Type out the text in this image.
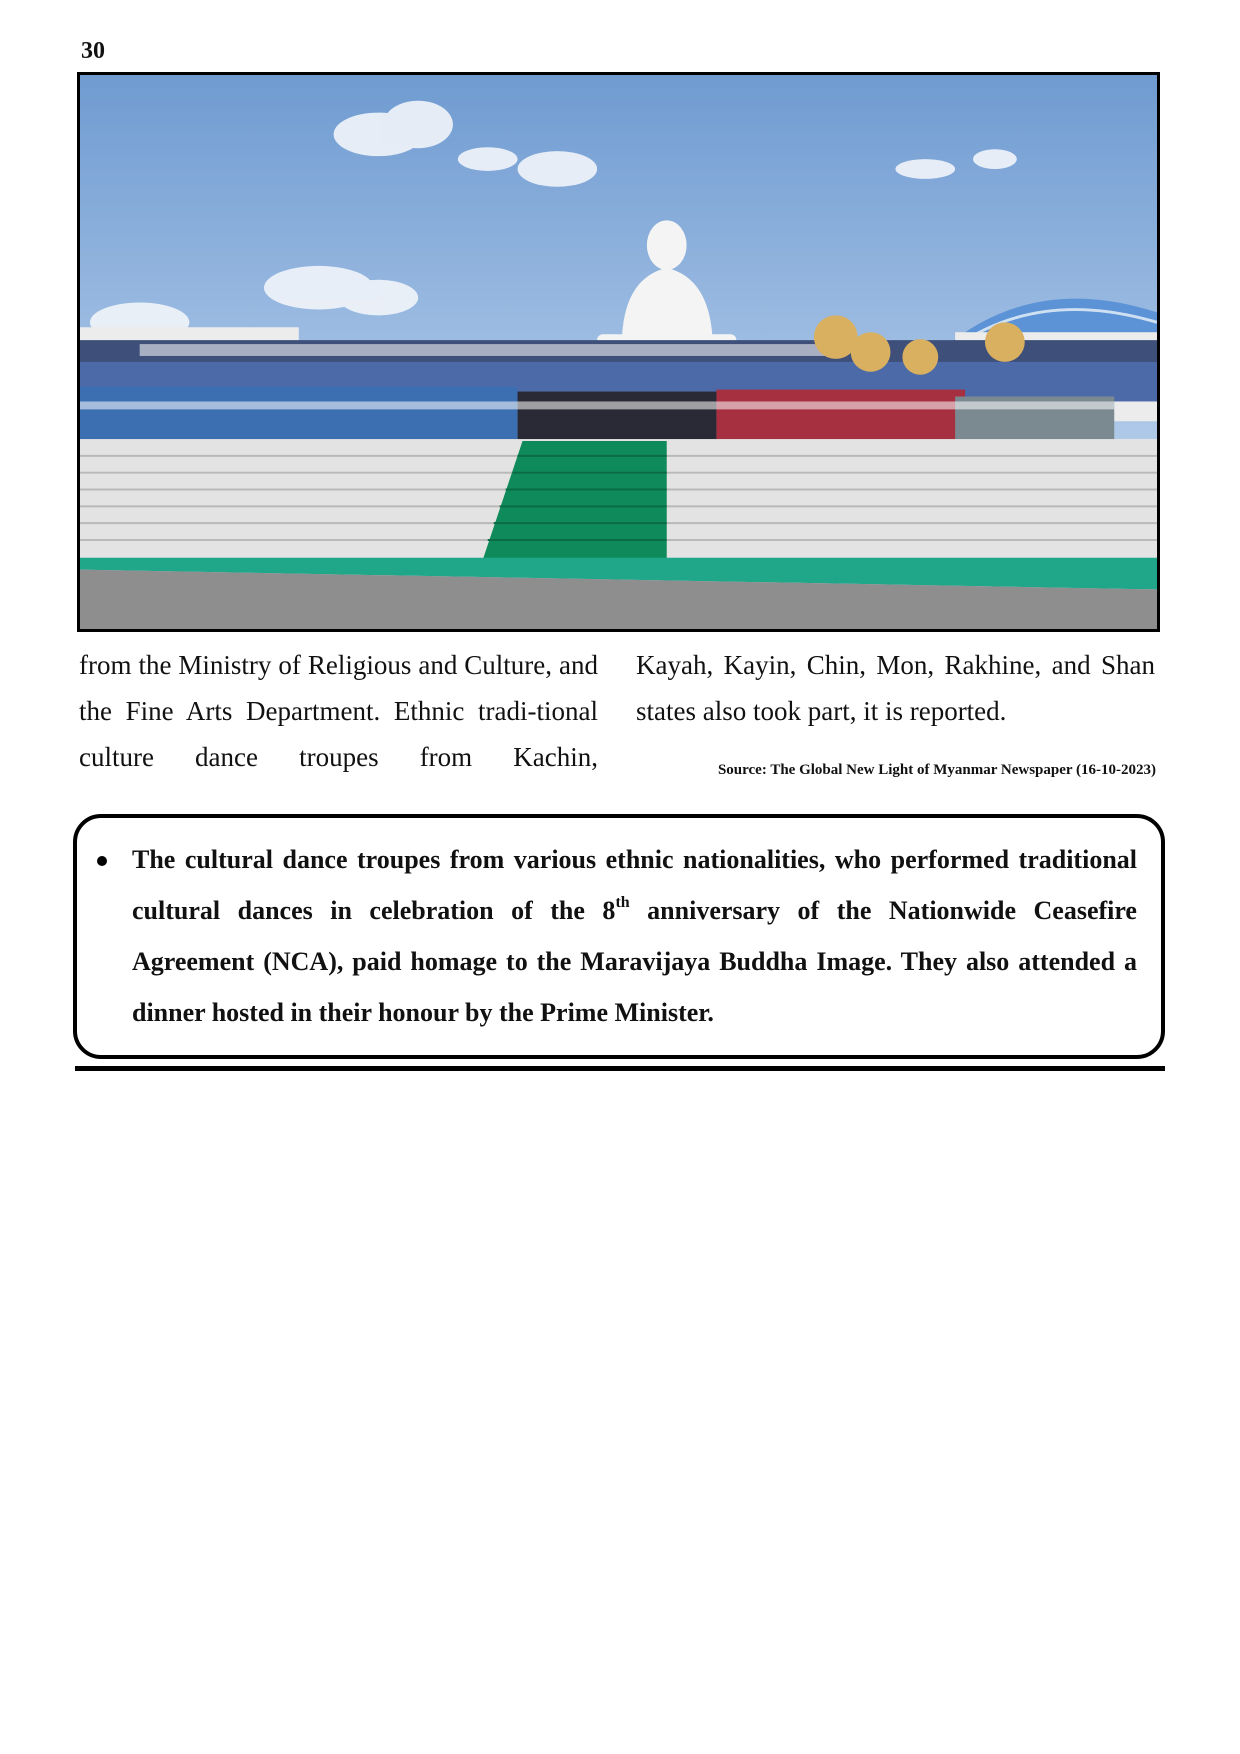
30
from the Ministry of Religious and Culture, and the Fine Arts Department. Ethnic tradi-tional culture dance troupes from Kachin,
Kayah, Kayin, Chin, Mon, Rakhine, and Shan states also took part, it is reported.
Source: The Global New Light of Myanmar Newspaper (16-10-2023)
The cultural dance troupes from various ethnic nationalities, who performed traditional cultural dances in celebration of the 8th anniversary of the Nationwide Ceasefire Agreement (NCA), paid homage to the Maravijaya Buddha Image. They also attended a dinner hosted in their honour by the Prime Minister.
